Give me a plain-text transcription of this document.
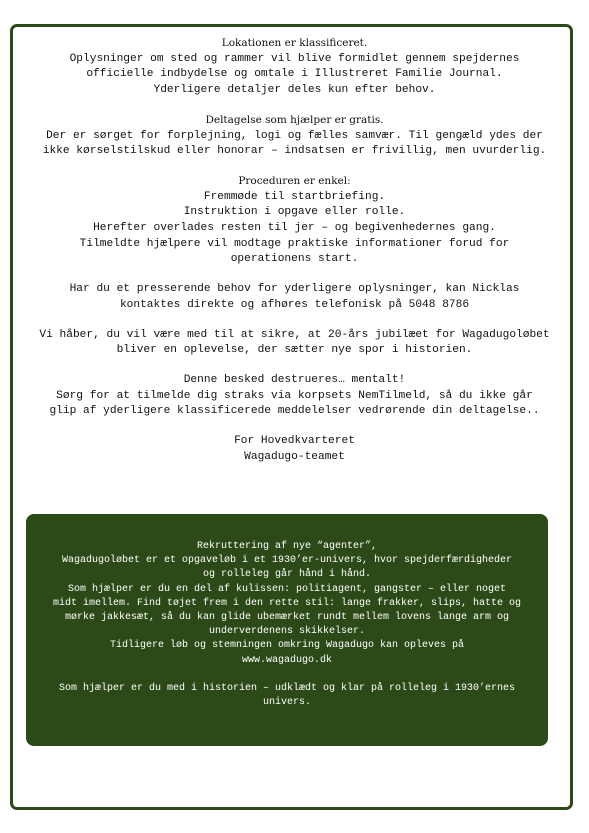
Lokationen er klassificeret.
Oplysninger om sted og rammer vil blive formidlet gennem spejdernes
officielle indbydelse og omtale i Illustreret Familie Journal.
Yderligere detaljer deles kun efter behov.

Deltagelse som hjælper er gratis.
Der er sørget for forplejning, logi og fælles samvær. Til gengæld ydes der
ikke kørselstilskud eller honorar – indsatsen er frivillig, men uvurderlig.

Proceduren er enkel:
Fremmøde til startbriefing.
Instruktion i opgave eller rolle.
Herefter overlades resten til jer – og begivenhedernes gang.
Tilmeldte hjælpere vil modtage praktiske informationer forud for
operationens start.

Har du et presserende behov for yderligere oplysninger, kan Nicklas
kontaktes direkte og afhøres telefonisk på 5048 8786

Vi håber, du vil være med til at sikre, at 20-års jubilæet for Wagadugoløbet
bliver en oplevelse, der sætter nye spor i historien.

Denne besked destrueres… mentalt!
Sørg for at tilmelde dig straks via korpsets NemTilmeld, så du ikke går
glip af yderligere klassificerede meddelelser vedrørende din deltagelse..

For Hovedkvarteret
Wagadugo-teamet

Rekruttering af nye “agenter”,
Wagadugoløbet er et opgaveløb i et 1930’er-univers, hvor spejderfærdigheder
og rolleleg går hånd i hånd.
Som hjælper er du en del af kulissen: politiagent, gangster – eller noget
midt imellem. Find tøjet frem i den rette stil: lange frakker, slips, hatte og
mørke jakkesæt, så du kan glide ubemærket rundt mellem lovens lange arm og
underverdenens skikkelser.
Tidligere løb og stemningen omkring Wagadugo kan opleves på
www.wagadugo.dk
Som hjælper er du med i historien – udklædt og klar på rolleleg i 1930’ernes
univers.
